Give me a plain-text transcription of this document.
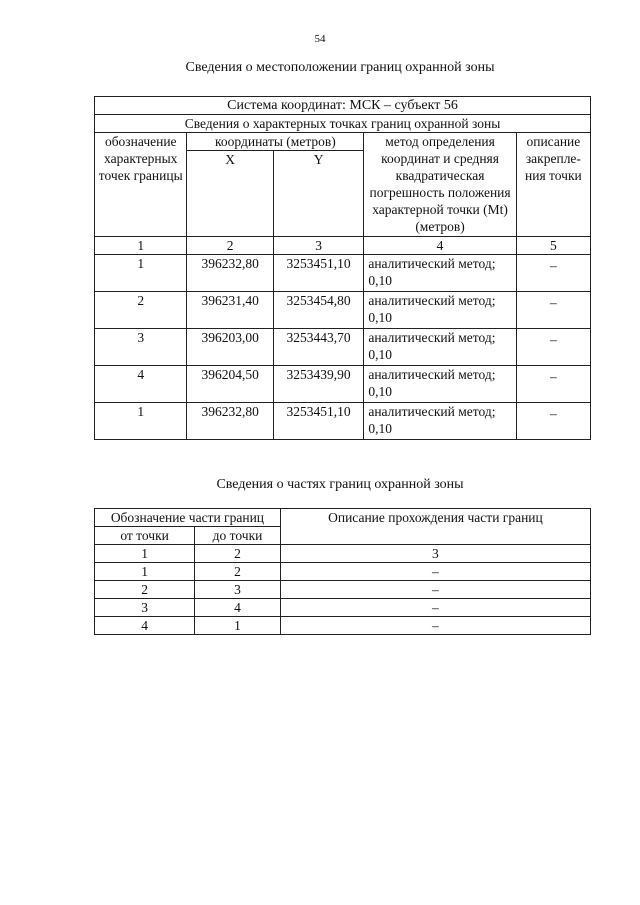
54
Сведения о местоположении границ охранной зоны
Система координат: МСК – субъект 56				
Сведения о характерных точках границ охранной зоны				
обозначение характерных точек границы	координаты (метров)		метод определения координат и средняя квадратическая погрешность положения характерной точки (Mt) (метров)	описание закрепле-ния точки
	X	Y		
1	2	3	4	5
1	396232,80	3253451,10	аналитический метод; 0,10	–
2	396231,40	3253454,80	аналитический метод; 0,10	–
3	396203,00	3253443,70	аналитический метод; 0,10	–
4	396204,50	3253439,90	аналитический метод; 0,10	–
1	396232,80	3253451,10	аналитический метод; 0,10	–
Сведения о частях границ охранной зоны
Обозначение части границ		Описание прохождения части границ
от точки	до точки	
1	2	3
1	2	–
2	3	–
3	4	–
4	1	–
